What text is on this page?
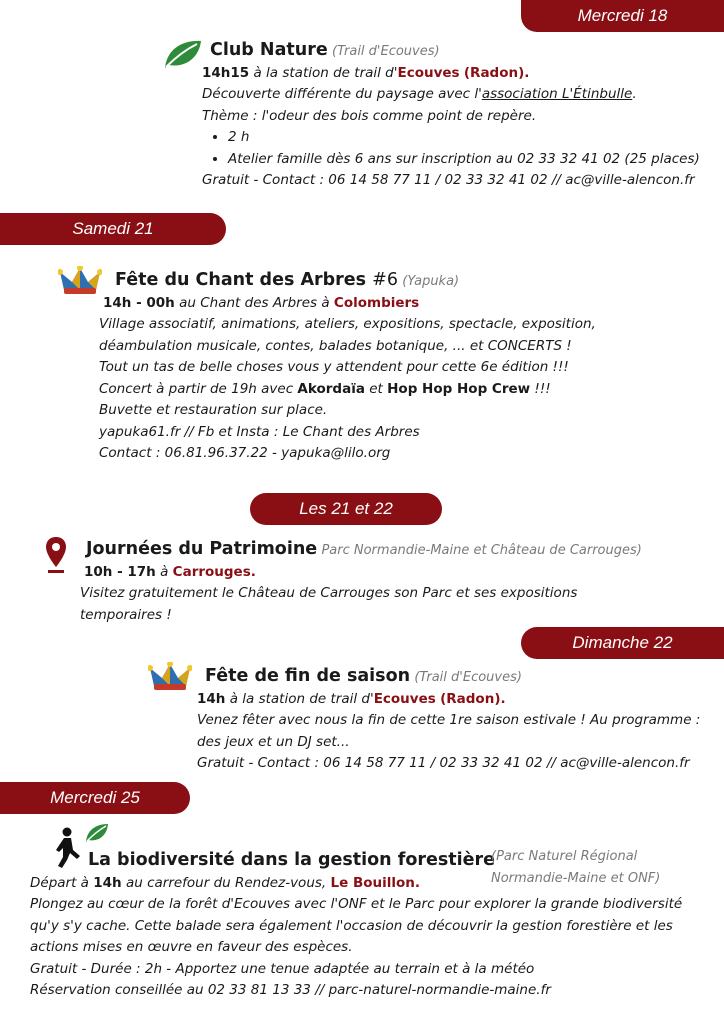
Mercredi 18
Samedi 21
Les 21 et 22
Dimanche 22
Mercredi 25
Club Nature (Trail d'Ecouves)
14h15 à la station de trail d'Ecouves (Radon).
Découverte différente du paysage avec l'association L'Étinbulle.
Thème : l'odeur des bois comme point de repère.
• 2 h
• Atelier famille dès 6 ans sur inscription au 02 33 32 41 02 (25 places)
Gratuit - Contact : 06 14 58 77 11 / 02 33 32 41 02 // ac@ville-alencon.fr
Fête du Chant des Arbres #6 (Yapuka)
14h - 00h au Chant des Arbres à Colombiers
Village associatif, animations, ateliers, expositions, spectacle, exposition,
déambulation musicale, contes, balades botanique, ... et CONCERTS !
Tout un tas de belle choses vous y attendent pour cette 6e édition !!!
Concert à partir de 19h avec Akordaïa et Hop Hop Hop Crew !!!
Buvette et restauration sur place.
yapuka61.fr // Fb et Insta : Le Chant des Arbres
Contact : 06.81.96.37.22 - yapuka@lilo.org
Journées du Patrimoine Parc Normandie-Maine et Château de Carrouges)
10h - 17h à Carrouges.
Visitez gratuitement le Château de Carrouges son Parc et ses expositions
temporaires !
Fête de fin de saison (Trail d'Ecouves)
14h à la station de trail d'Ecouves (Radon).
Venez fêter avec nous la fin de cette 1re saison estivale ! Au programme :
des jeux et un DJ set...
Gratuit - Contact : 06 14 58 77 11 / 02 33 32 41 02 // ac@ville-alencon.fr
La biodiversité dans la gestion forestière
Départ à 14h au carrefour du Rendez-vous, Le Bouillon.
Plongez au cœur de la forêt d'Ecouves avec l'ONF et le Parc pour explorer la grande biodiversité
qu'y s'y cache. Cette balade sera également l'occasion de découvrir la gestion forestière et les
actions mises en œuvre en faveur des espèces.
Gratuit - Durée : 2h - Apportez une tenue adaptée au terrain et à la météo
Réservation conseillée au 02 33 81 13 33 // parc-naturel-normandie-maine.fr
(Parc Naturel Régional
Normandie-Maine et ONF)
